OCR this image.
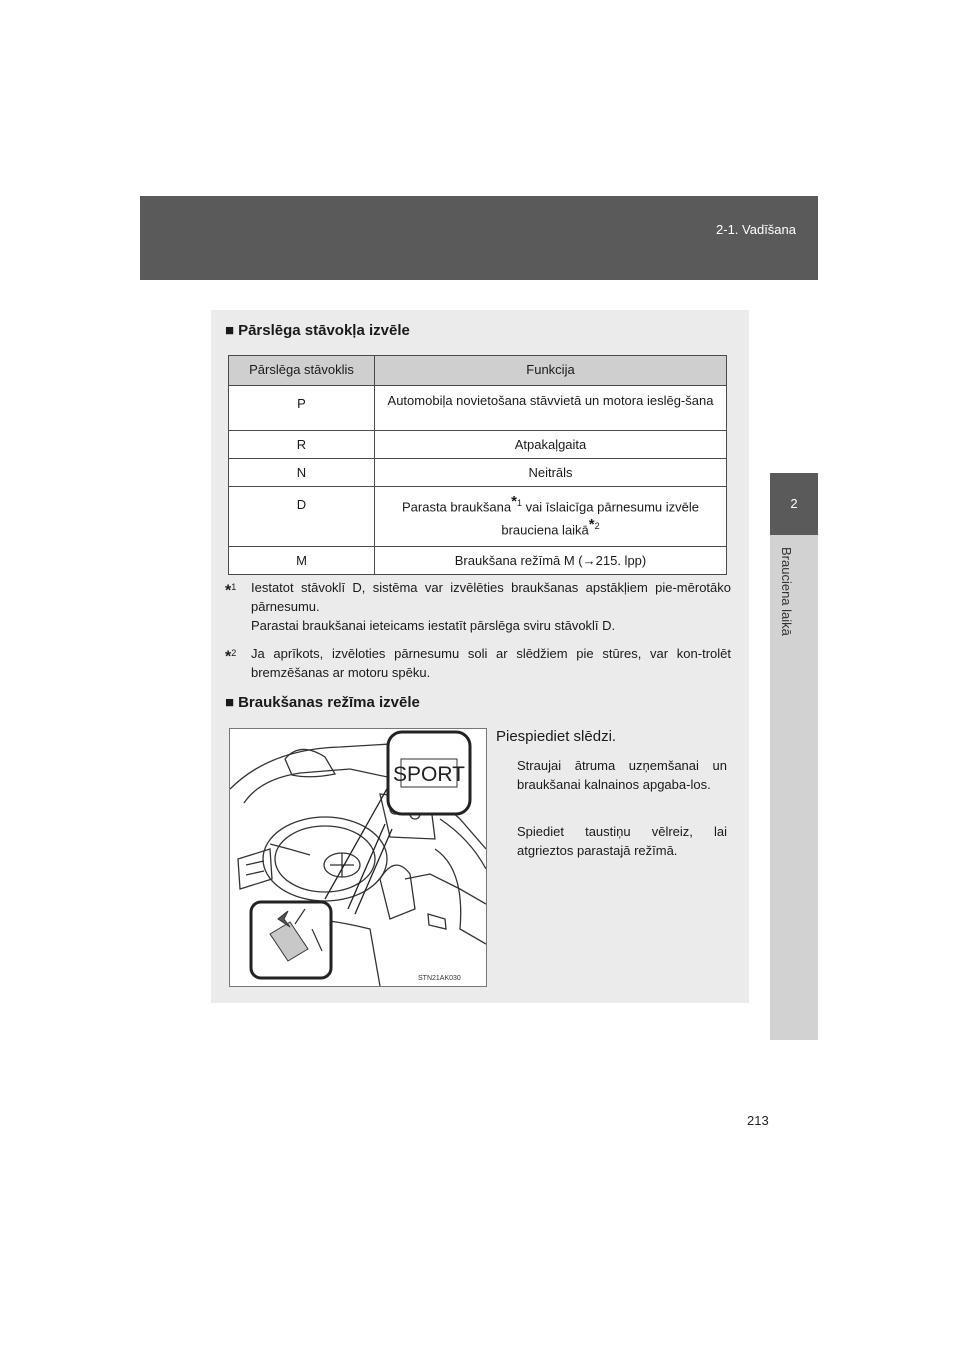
2-1. Vadīšana
2
Brauciena laikā
■ Pārslēga stāvokļa izvēle
Pārslēga stāvoklis	Funkcija
P	Automobiļa novietošana stāvvietā un motora ieslēg-šana
R	Atpakaļgaita
N	Neitrāls
D	Parasta braukšana$^{*1}$ vai īslaicīga pārnesumu izvēle brauciena laikā$^{*2}$
M	Braukšana režīmā M (→215. lpp)
*$^1$	Iestatot stāvoklī D, sistēma var izvēlēties braukšanas apstākļiem pie-mērotāko pārnesumu.
Parastai braukšanai ieteicams iestatīt pārslēga sviru stāvoklī D.
*$^2$	Ja aprīkots, izvēloties pārnesumu soli ar slēdžiem pie stūres, var kon-trolēt bremzēšanas ar motoru spēku.
■ Braukšanas režīma izvēle
SPORT
STN21AK030
Piespiediet slēdzi.
Straujai ātruma uzņemšanai un braukšanai kalnainos apgaba-los.
Spiediet taustiņu vēlreiz, lai atgrieztos parastajā režīmā.
213
